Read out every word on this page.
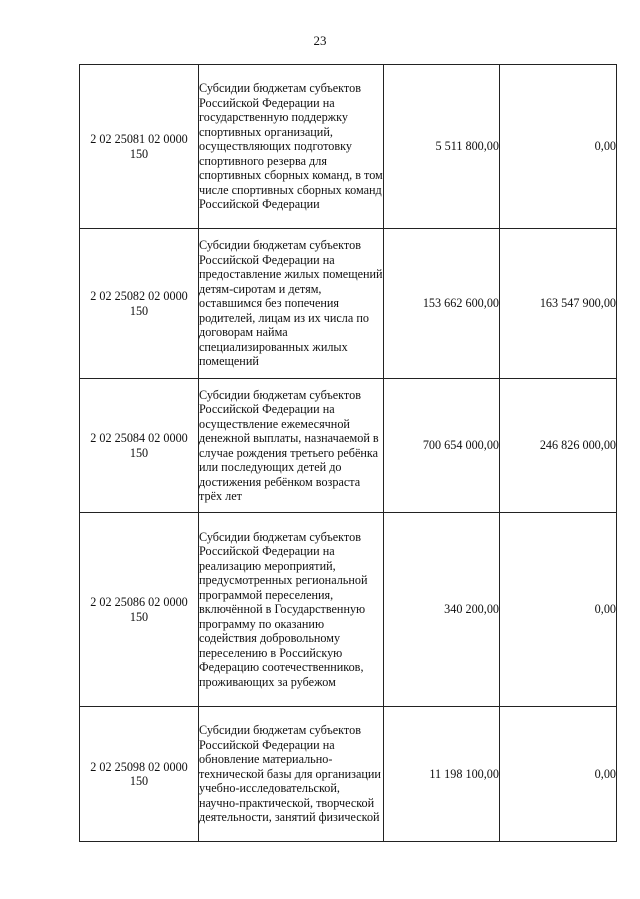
23
2 02 25081 02 0000 150	Субсидии бюджетам субъектов Российской Федерации на государственную поддержку спортивных организаций, осуществляющих подготовку спортивного резерва для спортивных сборных команд, в том числе спортивных сборных команд Российской Федерации	5 511 800,00	0,00
2 02 25082 02 0000 150	Субсидии бюджетам субъектов Российской Федерации на предоставление жилых помещений детям-сиротам и детям, оставшимся без попечения родителей, лицам из их числа по договорам найма специализированных жилых помещений	153 662 600,00	163 547 900,00
2 02 25084 02 0000 150	Субсидии бюджетам субъектов Российской Федерации на осуществление ежемесячной денежной выплаты, назначаемой в случае рождения третьего ребёнка или последующих детей до достижения ребёнком возраста трёх лет	700 654 000,00	246 826 000,00
2 02 25086 02 0000 150	Субсидии бюджетам субъектов Российской Федерации на реализацию мероприятий, предусмотренных региональной программой переселения, включённой в Государственную программу по оказанию содействия добровольному переселению в Российскую Федерацию соотечественников, проживающих за рубежом	340 200,00	0,00
2 02 25098 02 0000 150	Субсидии бюджетам субъектов Российской Федерации на обновление материально-технической базы для организации учебно-исследовательской, научно-практической, творческой деятельности, занятий физической	11 198 100,00	0,00
